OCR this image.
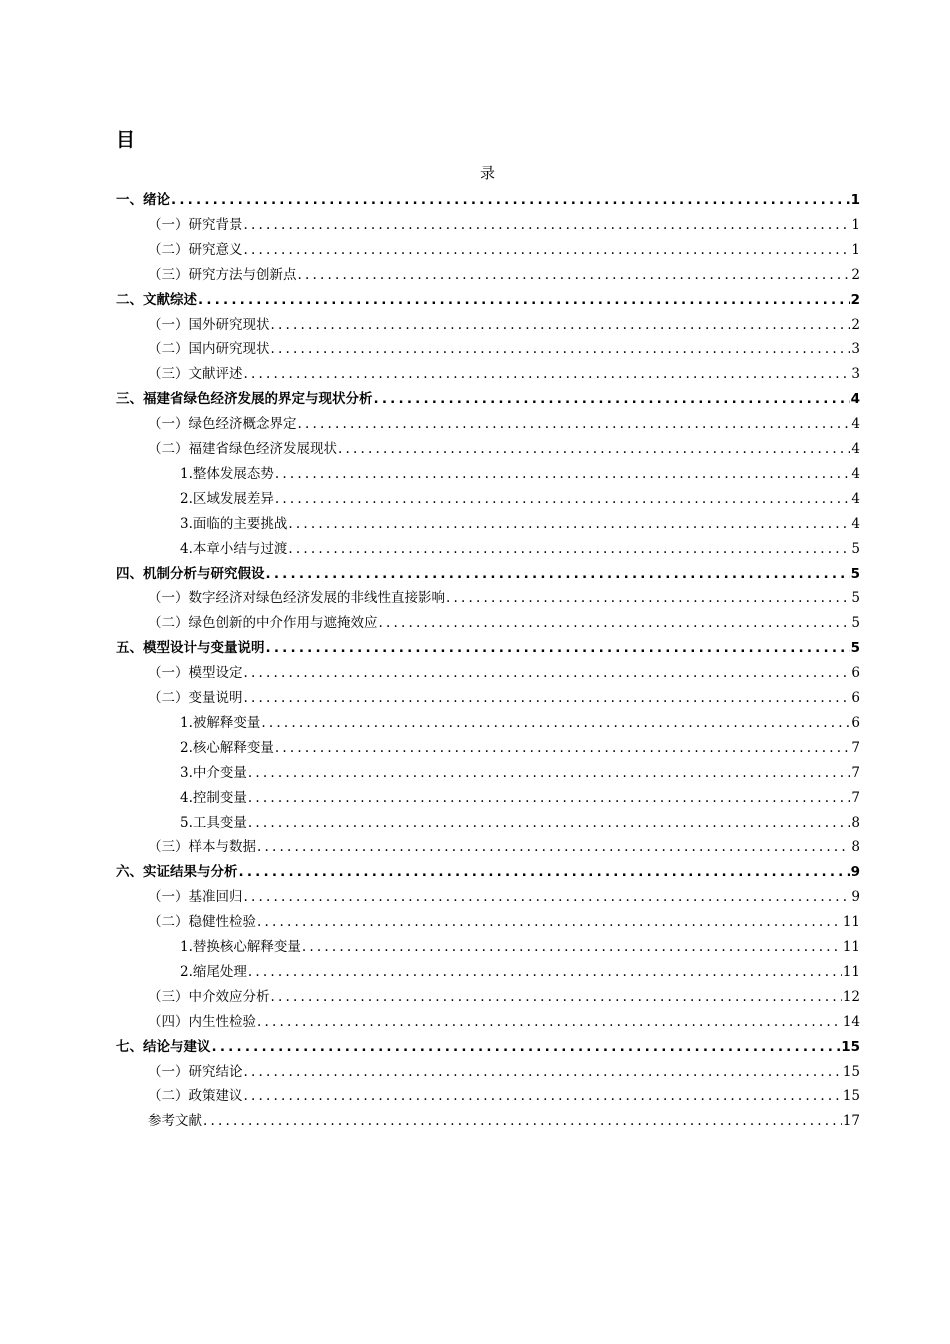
目
录
一、绪论 .....	1
（一）研究背景 .....	1
（二）研究意义 .....	1
（三）研究方法与创新点 .....	2
二、文献综述 .....	2
（一）国外研究现状 .....	2
（二）国内研究现状 .....	3
（三）文献评述 .....	3
三、福建省绿色经济发展的界定与现状分析 .....	4
（一）绿色经济概念界定 .....	4
（二）福建省绿色经济发展现状 .....	4
1.整体发展态势 .....	4
2.区域发展差异 .....	4
3.面临的主要挑战 .....	4
4.本章小结与过渡 .....	5
四、机制分析与研究假设 .....	5
（一）数字经济对绿色经济发展的非线性直接影响 .....	5
（二）绿色创新的中介作用与遮掩效应 .....	5
五、模型设计与变量说明 .....	5
（一）模型设定 .....	6
（二）变量说明 .....	6
1.被解释变量 .....	6
2.核心解释变量 .....	7
3.中介变量 .....	7
4.控制变量 .....	7
5.工具变量 .....	8
（三）样本与数据 .....	8
六、实证结果与分析 .....	9
（一）基准回归 .....	9
（二）稳健性检验 .....	11
1.替换核心解释变量 .....	11
2.缩尾处理 .....	11
（三）中介效应分析 .....	12
（四）内生性检验 .....	14
七、结论与建议 .....	15
（一）研究结论 .....	15
（二）政策建议 .....	15
参考文献 .....	17
